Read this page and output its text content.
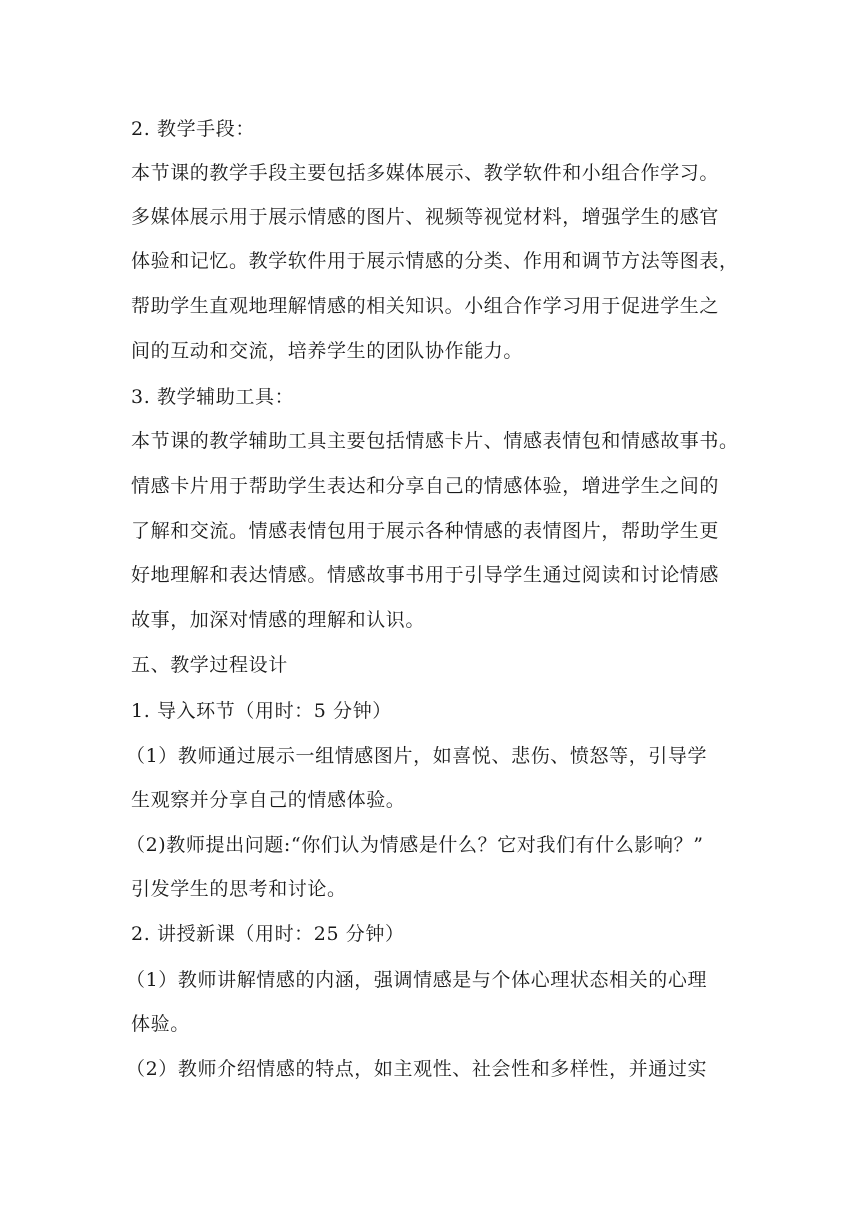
2. 教学手段：
本节课的教学手段主要包括多媒体展示、教学软件和小组合作学习。
多媒体展示用于展示情感的图片、视频等视觉材料，增强学生的感官
体验和记忆。教学软件用于展示情感的分类、作用和调节方法等图表，
帮助学生直观地理解情感的相关知识。小组合作学习用于促进学生之
间的互动和交流，培养学生的团队协作能力。
3. 教学辅助工具：
本节课的教学辅助工具主要包括情感卡片、情感表情包和情感故事书。
情感卡片用于帮助学生表达和分享自己的情感体验，增进学生之间的
了解和交流。情感表情包用于展示各种情感的表情图片，帮助学生更
好地理解和表达情感。情感故事书用于引导学生通过阅读和讨论情感
故事，加深对情感的理解和认识。
五、教学过程设计
1. 导入环节（用时：5 分钟）
（1）教师通过展示一组情感图片，如喜悦、悲伤、愤怒等，引导学
生观察并分享自己的情感体验。
（2)教师提出问题:“你们认为情感是什么？它对我们有什么影响？”
引发学生的思考和讨论。
2. 讲授新课（用时：25 分钟）
（1）教师讲解情感的内涵，强调情感是与个体心理状态相关的心理
体验。
（2）教师介绍情感的特点，如主观性、社会性和多样性，并通过实
